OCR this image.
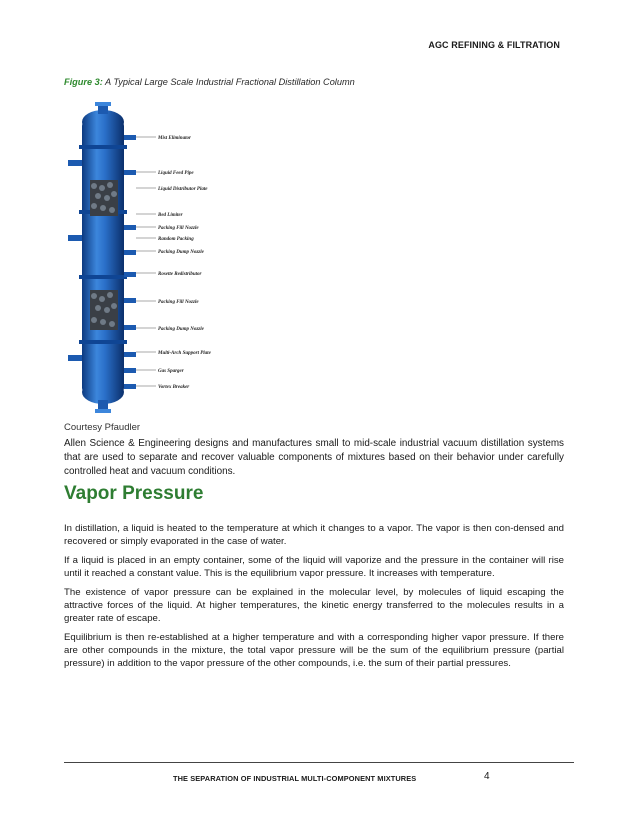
AGC REFINING & FILTRATION
Figure 3: A Typical Large Scale Industrial Fractional Distillation Column
Mist Eliminator
Liquid Feed Pipe
Liquid Distributor Plate
Bed Limiter
Packing Fill Nozzle
Random Packing
Packing Dump Nozzle
Rosette Redistributor
Packing Fill Nozzle
Packing Dump Nozzle
Multi-Arch Support Plate
Gas Sparger
Vortex Breaker
Courtesy Pfaudler

Allen Science & Engineering designs and manufactures small to mid-scale industrial vacuum distillation systems that are used to separate and recover valuable components of mixtures based on their behavior under carefully controlled heat and vacuum conditions.

Vapor Pressure

In distillation, a liquid is heated to the temperature at which it changes to a vapor. The vapor is then con-densed and recovered or simply evaporated in the case of water.

If a liquid is placed in an empty container, some of the liquid will vaporize and the pressure in the container will rise until it reached a constant value. This is the equilibrium vapor pressure. It increases with temperature.

The existence of vapor pressure can be explained in the molecular level, by molecules of liquid escaping the attractive forces of the liquid. At higher temperatures, the kinetic energy transferred to the molecules results in a greater rate of escape.

Equilibrium is then re-established at a higher temperature and with a corresponding higher vapor pressure. If there are other compounds in the mixture, the total vapor pressure will be the sum of the equilibrium pressure (partial pressure) in addition to the vapor pressure of the other compounds, i.e. the sum of their partial pressures.

THE SEPARATION OF INDUSTRIAL MULTI-COMPONENT MIXTURES	4
